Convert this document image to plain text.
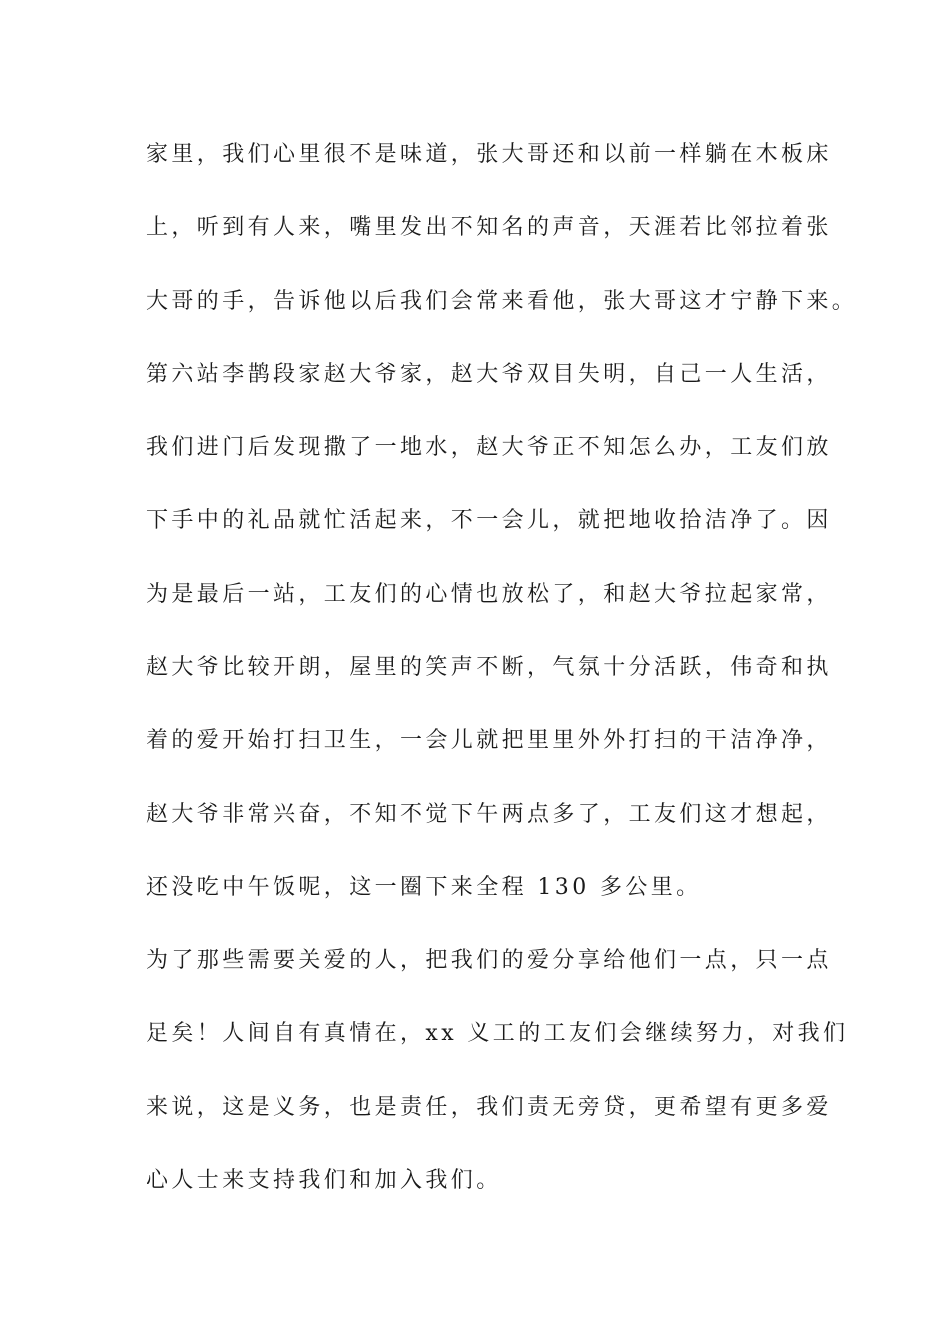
家里，我们心里很不是味道，张大哥还和以前一样躺在木板床
上，听到有人来，嘴里发出不知名的声音，天涯若比邻拉着张
大哥的手，告诉他以后我们会常来看他，张大哥这才宁静下来。
第六站李鹊段家赵大爷家，赵大爷双目失明，自己一人生活，
我们进门后发现撒了一地水，赵大爷正不知怎么办，工友们放
下手中的礼品就忙活起来，不一会儿，就把地收拾洁净了。因
为是最后一站，工友们的心情也放松了，和赵大爷拉起家常，
赵大爷比较开朗，屋里的笑声不断，气氛十分活跃，伟奇和执
着的爱开始打扫卫生，一会儿就把里里外外打扫的干洁净净，
赵大爷非常兴奋，不知不觉下午两点多了，工友们这才想起，
还没吃中午饭呢，这一圈下来全程 130 多公里。
为了那些需要关爱的人，把我们的爱分享给他们一点，只一点
足矣！人间自有真情在，xx 义工的工友们会继续努力，对我们
来说，这是义务，也是责任，我们责无旁贷，更希望有更多爱
心人士来支持我们和加入我们。
